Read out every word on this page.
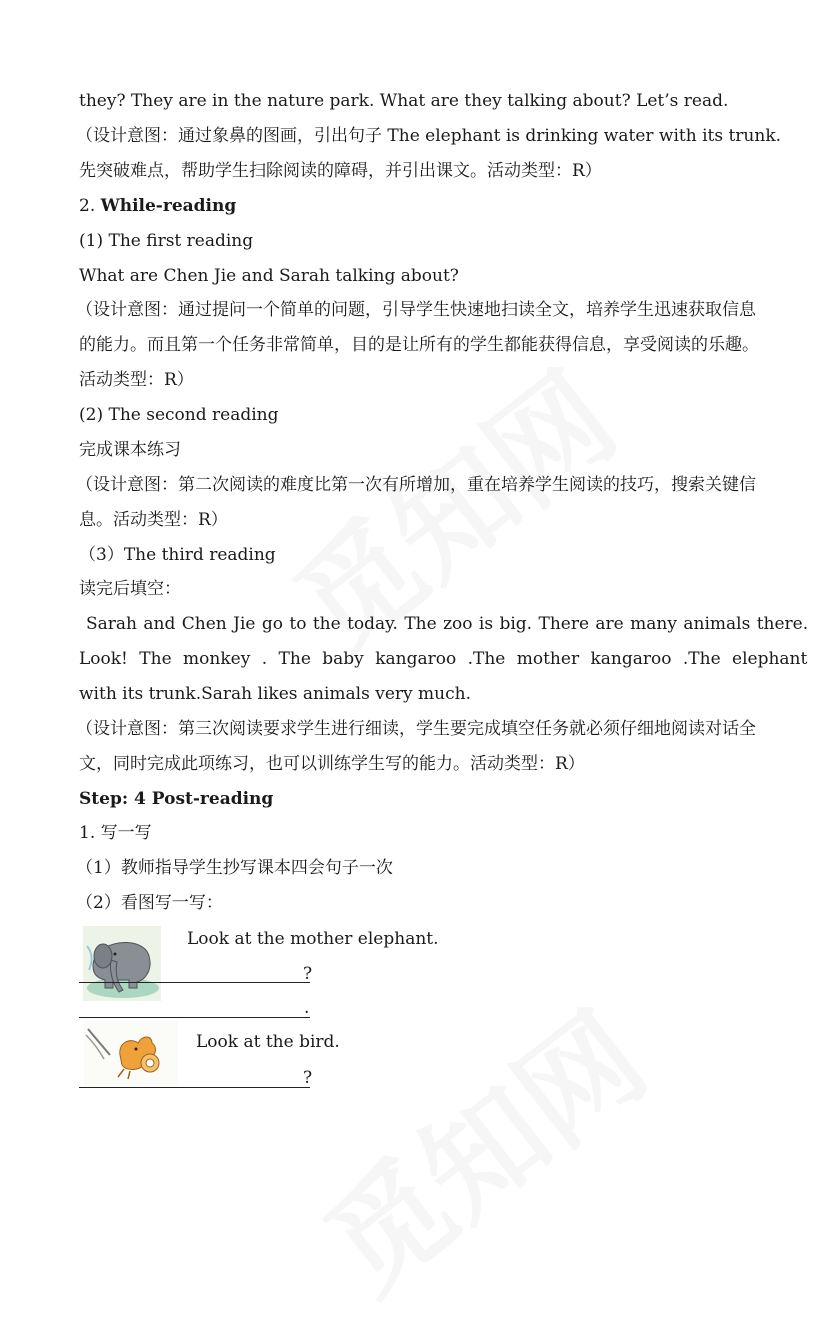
they? They are in the nature park. What are they talking about? Let’s read.
（设计意图：通过象鼻的图画，引出句子 The elephant is drinking water with its trunk.
先突破难点，帮助学生扫除阅读的障碍，并引出课文。活动类型：R）
2. While-reading
(1) The first reading
What are Chen Jie and Sarah talking about?
（设计意图：通过提问一个简单的问题，引导学生快速地扫读全文，培养学生迅速获取信息
的能力。而且第一个任务非常简单，目的是让所有的学生都能获得信息，享受阅读的乐趣。
活动类型：R）
(2) The second reading
完成课本练习
（设计意图：第二次阅读的难度比第一次有所增加，重在培养学生阅读的技巧，搜索关键信
息。活动类型：R）
（3）The third reading
读完后填空：
Sarah and Chen Jie go to the today. The zoo is big. There are many animals there.
Look! The monkey . The baby kangaroo .The mother kangaroo .The elephant
with its trunk.Sarah likes animals very much.
（设计意图：第三次阅读要求学生进行细读，学生要完成填空任务就必须仔细地阅读对话全
文，同时完成此项练习，也可以训练学生写的能力。活动类型：R）
Step: 4 Post-reading
1. 写一写
（1）教师指导学生抄写课本四会句子一次
（2）看图写一写：
Look at the mother elephant.
?
.
Look at the bird.
?
